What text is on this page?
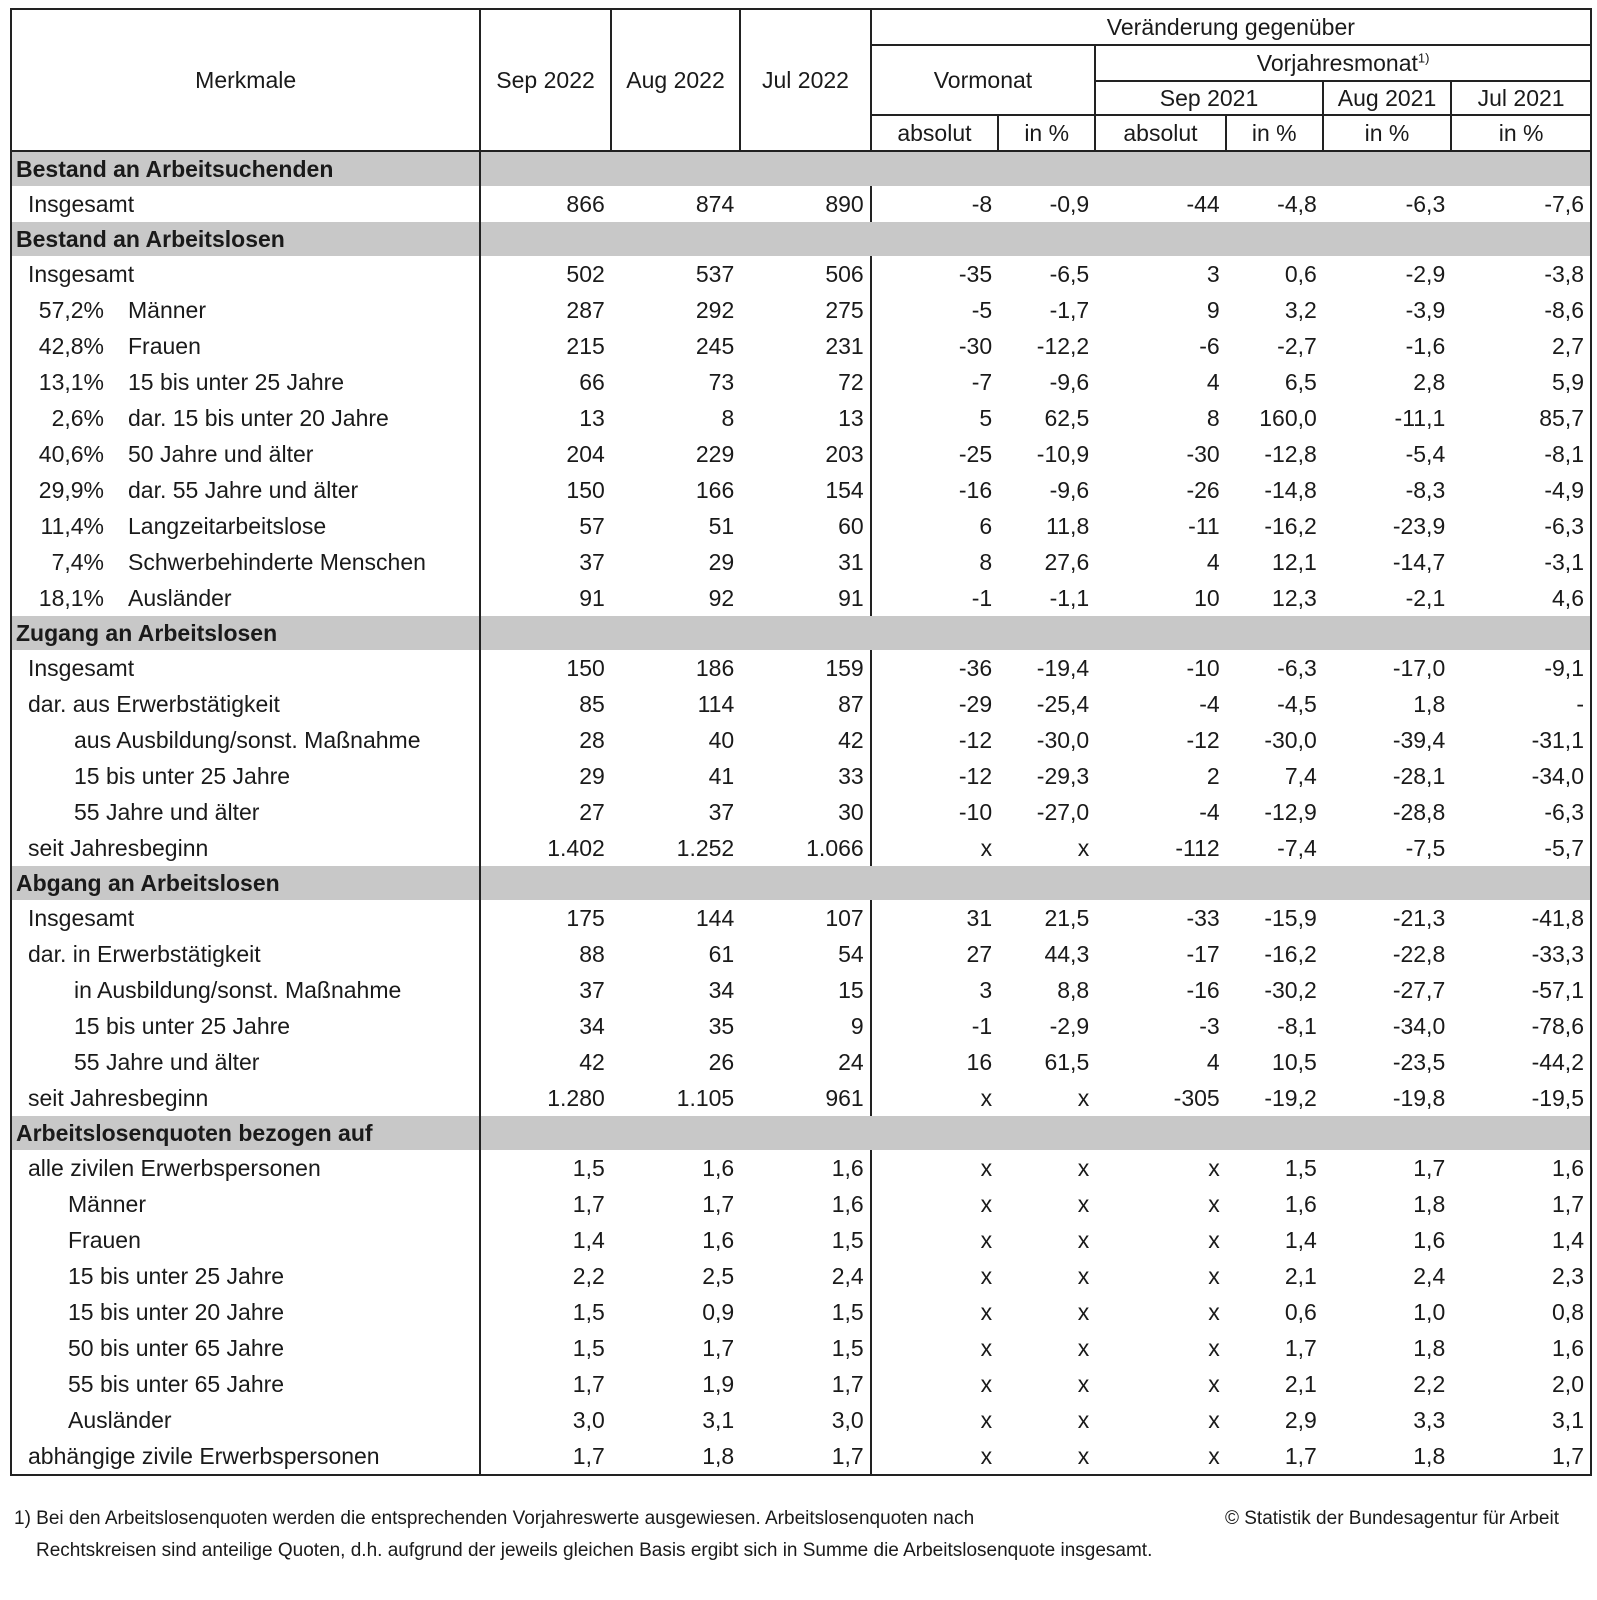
Merkmale	Sep 2022	Aug 2022	Jul 2022	Veränderung gegenüber					
				Vormonat		Vorjahresmonat$^{1)}$
						Sep 2021		Aug 2021	Jul 2021
				absolut	in %	absolut	in %	in %	in %
Bestand an Arbeitsuchenden									
Insgesamt	866	874	890	-8	-0,9	-44	-4,8	-6,3	-7,6
Bestand an Arbeitslosen									
Insgesamt	502	537	506	-35	-6,5	3	0,6	-2,9	-3,8
57,2% Männer	287	292	275	-5	-1,7	9	3,2	-3,9	-8,6
42,8% Frauen	215	245	231	-30	-12,2	-6	-2,7	-1,6	2,7
13,1% 15 bis unter 25 Jahre	66	73	72	-7	-9,6	4	6,5	2,8	5,9
2,6% dar. 15 bis unter 20 Jahre	13	8	13	5	62,5	8	160,0	-11,1	85,7
40,6% 50 Jahre und älter	204	229	203	-25	-10,9	-30	-12,8	-5,4	-8,1
29,9% dar. 55 Jahre und älter	150	166	154	-16	-9,6	-26	-14,8	-8,3	-4,9
11,4% Langzeitarbeitslose	57	51	60	6	11,8	-11	-16,2	-23,9	-6,3
7,4% Schwerbehinderte Menschen	37	29	31	8	27,6	4	12,1	-14,7	-3,1
18,1% Ausländer	91	92	91	-1	-1,1	10	12,3	-2,1	4,6
Zugang an Arbeitslosen									
Insgesamt	150	186	159	-36	-19,4	-10	-6,3	-17,0	-9,1
dar. aus Erwerbstätigkeit	85	114	87	-29	-25,4	-4	-4,5	1,8	-
aus Ausbildung/sonst. Maßnahme	28	40	42	-12	-30,0	-12	-30,0	-39,4	-31,1
15 bis unter 25 Jahre	29	41	33	-12	-29,3	2	7,4	-28,1	-34,0
55 Jahre und älter	27	37	30	-10	-27,0	-4	-12,9	-28,8	-6,3
seit Jahresbeginn	1.402	1.252	1.066	x	x	-112	-7,4	-7,5	-5,7
Abgang an Arbeitslosen									
Insgesamt	175	144	107	31	21,5	-33	-15,9	-21,3	-41,8
dar. in Erwerbstätigkeit	88	61	54	27	44,3	-17	-16,2	-22,8	-33,3
in Ausbildung/sonst. Maßnahme	37	34	15	3	8,8	-16	-30,2	-27,7	-57,1
15 bis unter 25 Jahre	34	35	9	-1	-2,9	-3	-8,1	-34,0	-78,6
55 Jahre und älter	42	26	24	16	61,5	4	10,5	-23,5	-44,2
seit Jahresbeginn	1.280	1.105	961	x	x	-305	-19,2	-19,8	-19,5
Arbeitslosenquoten bezogen auf									
alle zivilen Erwerbspersonen	1,5	1,6	1,6	x	x	x	1,5	1,7	1,6
Männer	1,7	1,7	1,6	x	x	x	1,6	1,8	1,7
Frauen	1,4	1,6	1,5	x	x	x	1,4	1,6	1,4
15 bis unter 25 Jahre	2,2	2,5	2,4	x	x	x	2,1	2,4	2,3
15 bis unter 20 Jahre	1,5	0,9	1,5	x	x	x	0,6	1,0	0,8
50 bis unter 65 Jahre	1,5	1,7	1,5	x	x	x	1,7	1,8	1,6
55 bis unter 65 Jahre	1,7	1,9	1,7	x	x	x	2,1	2,2	2,0
Ausländer	3,0	3,1	3,0	x	x	x	2,9	3,3	3,1
abhängige zivile Erwerbspersonen	1,7	1,8	1,7	x	x	x	1,7	1,8	1,7
1) Bei den Arbeitslosenquoten werden die entsprechenden Vorjahreswerte ausgewiesen. Arbeitslosenquoten nach
Rechtskreisen sind anteilige Quoten, d.h. aufgrund der jeweils gleichen Basis ergibt sich in Summe die Arbeitslosenquote insgesamt.
© Statistik der Bundesagentur für Arbeit
